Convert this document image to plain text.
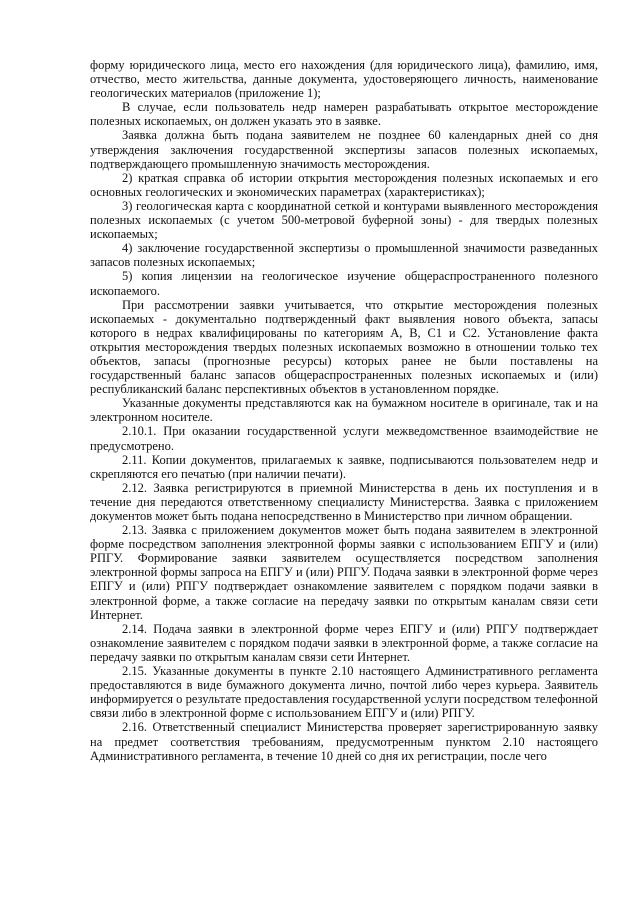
форму юридического лица, место его нахождения (для юридического лица), фамилию, имя, отчество, место жительства, данные документа, удостоверяющего личность, наименование геологических материалов (приложение 1);

В случае, если пользователь недр намерен разрабатывать открытое месторождение полезных ископаемых, он должен указать это в заявке.

Заявка должна быть подана заявителем не позднее 60 календарных дней со дня утверждения заключения государственной экспертизы запасов полезных ископаемых, подтверждающего промышленную значимость месторождения.

2) краткая справка об истории открытия месторождения полезных ископаемых и его основных геологических и экономических параметрах (характеристиках);

3) геологическая карта с координатной сеткой и контурами выявленного месторождения полезных ископаемых (с учетом 500-метровой буферной зоны) - для твердых полезных ископаемых;

4) заключение государственной экспертизы о промышленной значимости разведанных запасов полезных ископаемых;

5) копия лицензии на геологическое изучение общераспространенного полезного ископаемого.

При рассмотрении заявки учитывается, что открытие месторождения полезных ископаемых - документально подтвержденный факт выявления нового объекта, запасы которого в недрах квалифицированы по категориям А, В, С1 и С2. Установление факта открытия месторождения твердых полезных ископаемых возможно в отношении только тех объектов, запасы (прогнозные ресурсы) которых ранее не были поставлены на государственный баланс запасов общераспространенных полезных ископаемых и (или) республиканский баланс перспективных объектов в установленном порядке.

Указанные документы представляются как на бумажном носителе в оригинале, так и на электронном носителе.

2.10.1. При оказании государственной услуги межведомственное взаимодействие не предусмотрено.

2.11. Копии документов, прилагаемых к заявке, подписываются пользователем недр и скрепляются его печатью (при наличии печати).

2.12. Заявка регистрируются в приемной Министерства в день их поступления и в течение дня передаются ответственному специалисту Министерства. Заявка с приложением документов может быть подана непосредственно в Министерство при личном обращении.

2.13. Заявка с приложением документов может быть подана заявителем в электронной форме посредством заполнения электронной формы заявки с использованием ЕПГУ и (или) РПГУ. Формирование заявки заявителем осуществляется посредством заполнения электронной формы запроса на ЕПГУ и (или) РПГУ. Подача заявки в электронной форме через ЕПГУ и (или) РПГУ подтверждает ознакомление заявителем с порядком подачи заявки в электронной форме, а также согласие на передачу заявки по открытым каналам связи сети Интернет.

2.14. Подача заявки в электронной форме через ЕПГУ и (или) РПГУ подтверждает ознакомление заявителем с порядком подачи заявки в электронной форме, а также согласие на передачу заявки по открытым каналам связи сети Интернет.

2.15. Указанные документы в пункте 2.10 настоящего Административного регламента предоставляются в виде бумажного документа лично, почтой либо через курьера. Заявитель информируется о результате предоставления государственной услуги посредством телефонной связи либо в электронной форме с использованием ЕПГУ и (или) РПГУ.

2.16. Ответственный специалист Министерства проверяет зарегистрированную заявку на предмет соответствия требованиям, предусмотренным пунктом 2.10 настоящего Административного регламента, в течение 10 дней со дня их регистрации, после чего
